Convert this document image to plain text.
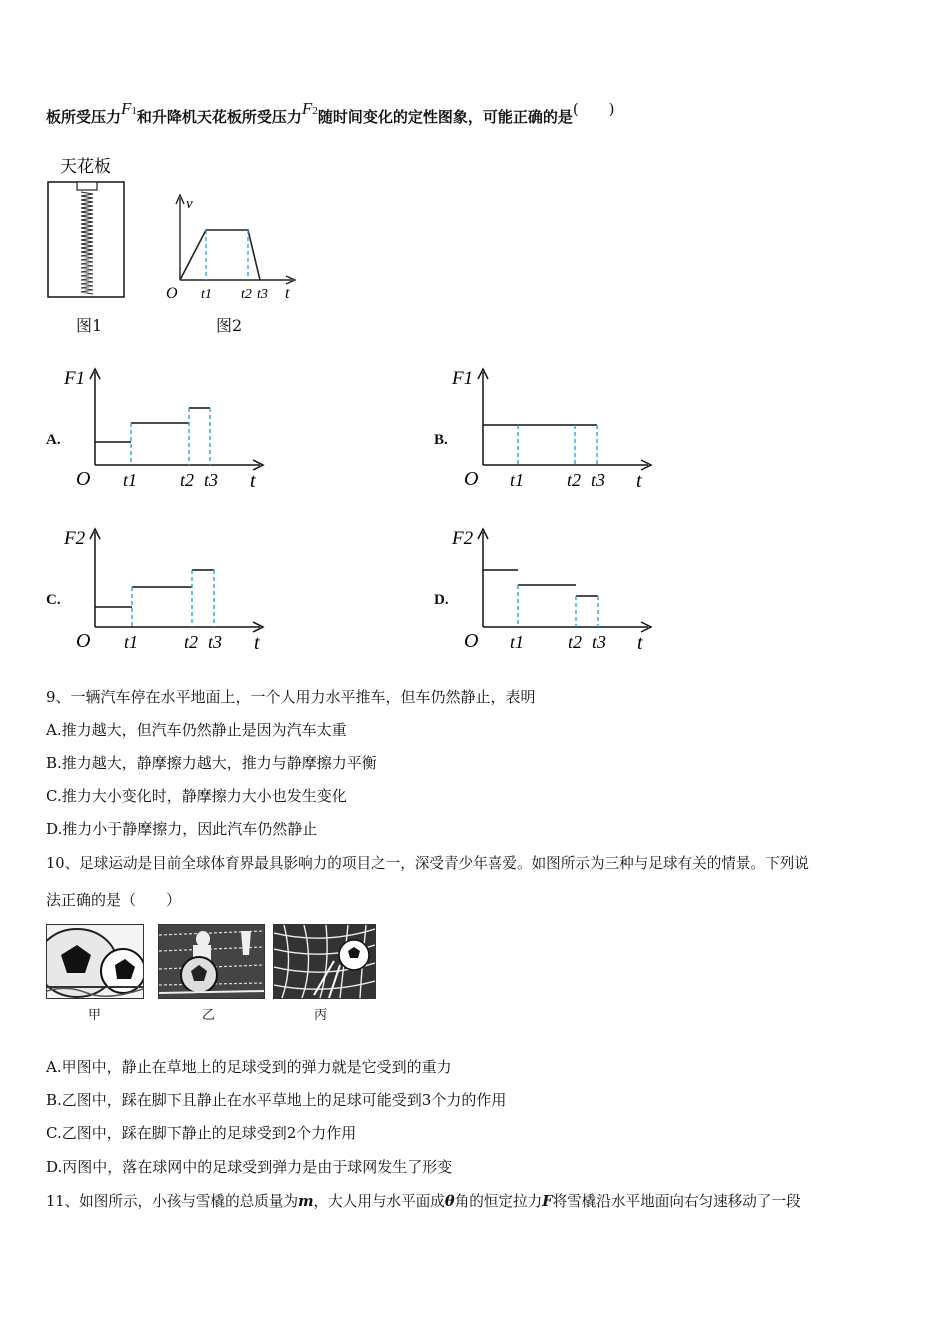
板所受压力F1和升降机天花板所受压力F2随时间变化的定性图象，可能正确的是(　　)
天花板
图1
v
O t1 t2 t3 t
图2
A.
F1
O t1 t2 t3 t
B.
F1
O t1 t2 t3 t
C.
F2
O t1	t2 t3 t
D.
F2
O t1 t2 t3 t
9、一辆汽车停在水平地面上，一个人用力水平推车，但车仍然静止，表明
A.推力越大，但汽车仍然静止是因为汽车太重
B.推力越大，静摩擦力越大，推力与静摩擦力平衡
C.推力大小变化时，静摩擦力大小也发生变化
D.推力小于静摩擦力，因此汽车仍然静止
10、足球运动是目前全球体育界最具影响力的项目之一，深受青少年喜爱。如图所示为三种与足球有关的情景。下列说
法正确的是（　　）
甲	乙	丙
A.甲图中，静止在草地上的足球受到的弹力就是它受到的重力
B.乙图中，踩在脚下且静止在水平草地上的足球可能受到3个力的作用
C.乙图中，踩在脚下静止的足球受到2个力作用
D.丙图中，落在球网中的足球受到弹力是由于球网发生了形变
11、如图所示，小孩与雪橇的总质量为m，大人用与水平面成θ角的恒定拉力F将雪橇沿水平地面向右匀速移动了一段
